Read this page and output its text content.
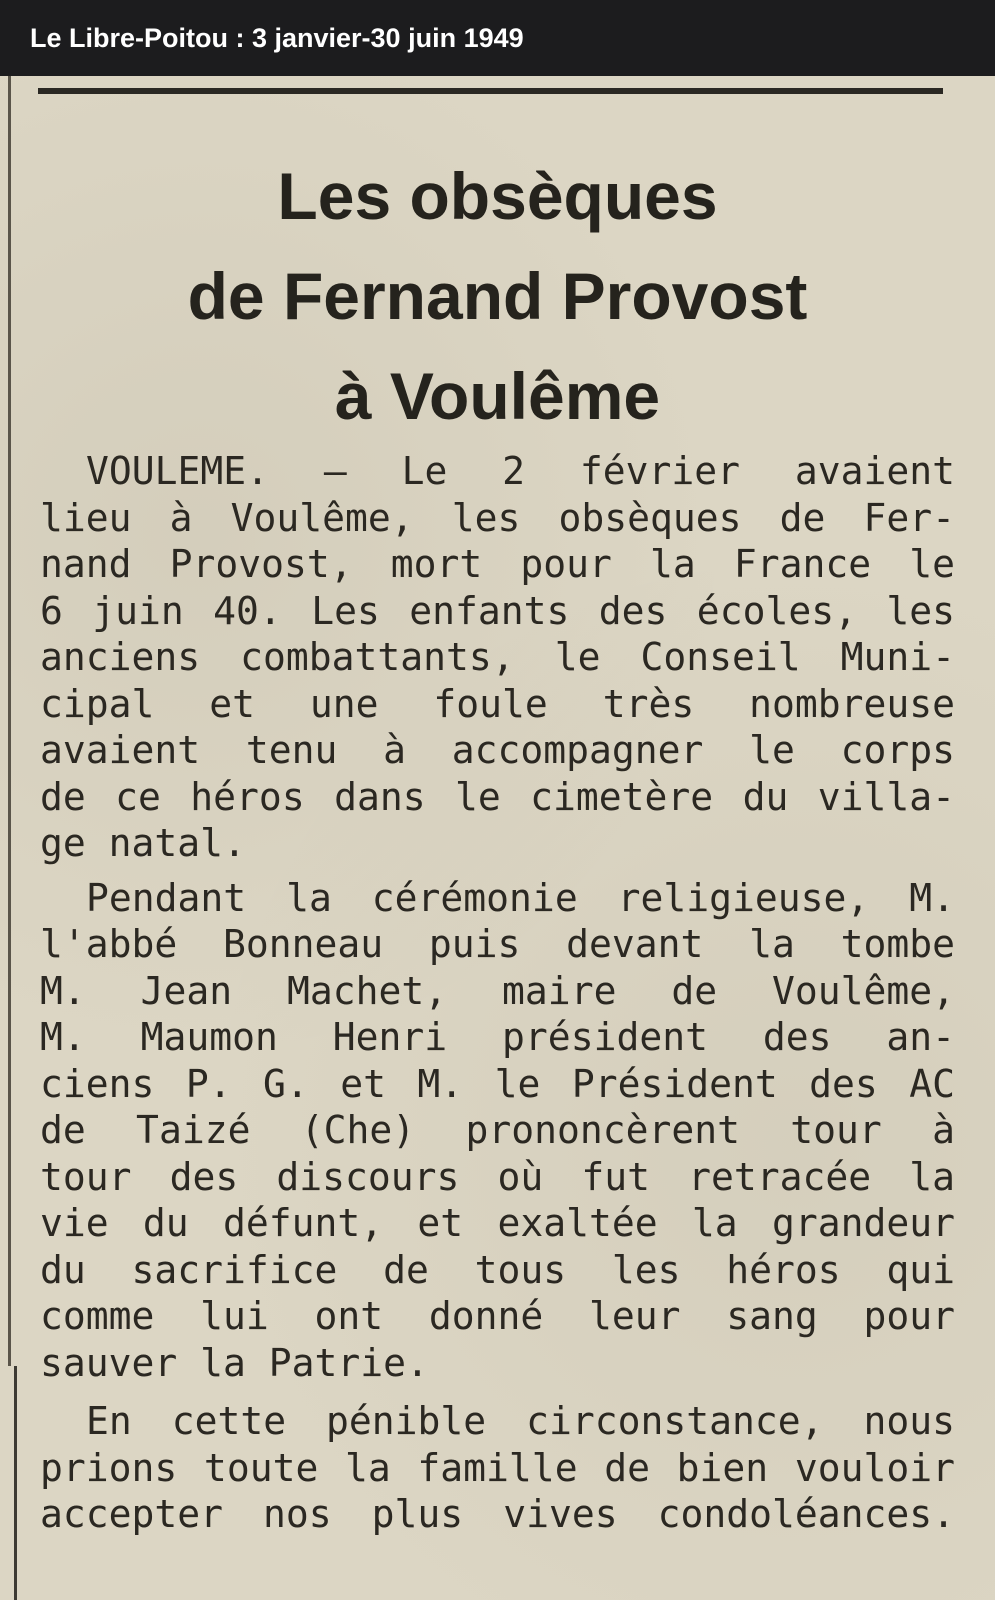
Le Libre-Poitou : 3 janvier-30 juin 1949
Les obsèques
de Fernand Provost
à Voulême
VOULEME. — Le 2 février avaient
lieu à Voulême, les obsèques de Fer-
nand Provost, mort pour la France le
6 juin 40. Les enfants des écoles, les
anciens combattants, le Conseil Muni-
cipal et une foule très nombreuse
avaient tenu à accompagner le corps
de ce héros dans le cimetère du villa-
ge natal.
Pendant la cérémonie religieuse, M.
l'abbé Bonneau puis devant la tombe
M. Jean Machet, maire de Voulême,
M. Maumon Henri président des an-
ciens P. G. et M. le Président des AC
de Taizé (Che) prononcèrent tour à
tour des discours où fut retracée la
vie du défunt, et exaltée la grandeur
du sacrifice de tous les héros qui
comme lui ont donné leur sang pour
sauver la Patrie.
En cette pénible circonstance, nous
prions toute la famille de bien vouloir
accepter nos plus vives condoléances.
